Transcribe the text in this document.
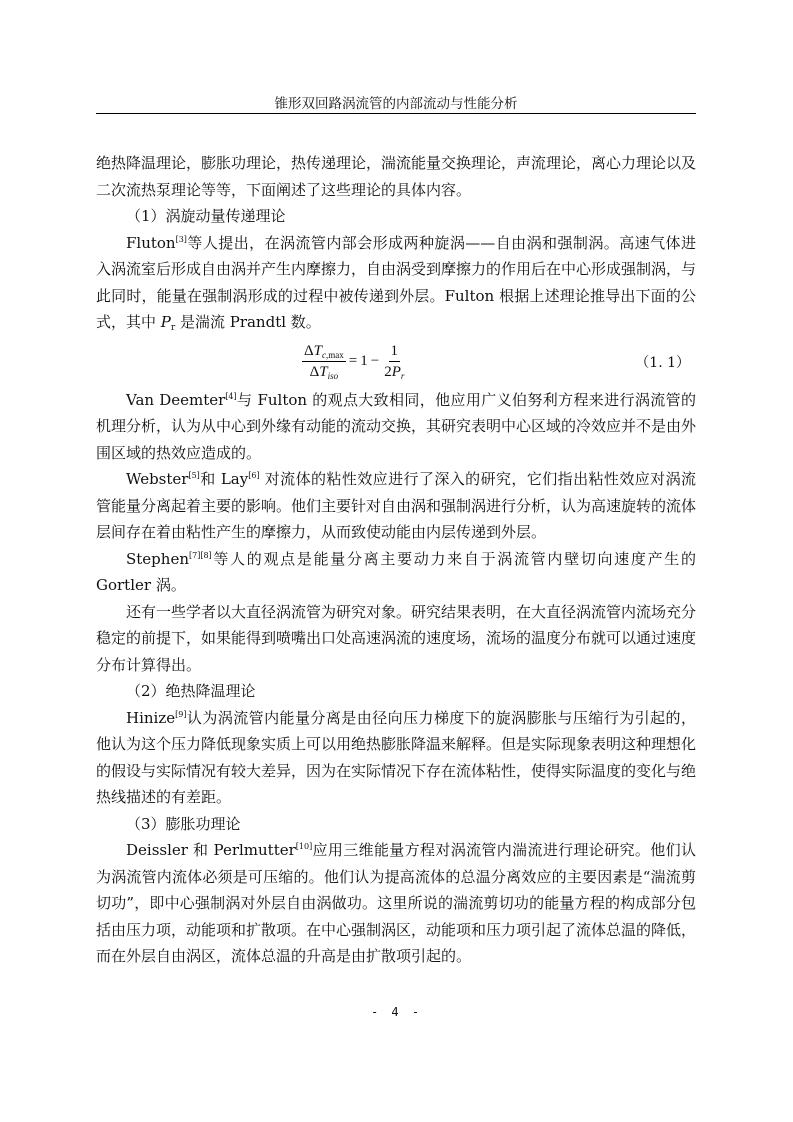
锥形双回路涡流管的内部流动与性能分析

绝热降温理论，膨胀功理论，热传递理论，湍流能量交换理论，声流理论，离心力理论以及二次流热泵理论等等，下面阐述了这些理论的具体内容。

（1）涡旋动量传递理论

Fluton[3]等人提出，在涡流管内部会形成两种旋涡——自由涡和强制涡。高速气体进入涡流室后形成自由涡并产生内摩擦力，自由涡受到摩擦力的作用后在中心形成强制涡，与此同时，能量在强制涡形成的过程中被传递到外层。Fulton 根据上述理论推导出下面的公式，其中 $P_r$ 是湍流 Prandtl 数。

$\frac{\Delta T_{c,max}}{\Delta T_{iso}} = 1 - \frac{1}{2P_r}$	（1. 1）

Van Deemter[4]与 Fulton 的观点大致相同，他应用广义伯努利方程来进行涡流管的机理分析，认为从中心到外缘有动能的流动交换，其研究表明中心区域的冷效应并不是由外围区域的热效应造成的。

Webster[5]和 Lay[6] 对流体的粘性效应进行了深入的研究，它们指出粘性效应对涡流管能量分离起着主要的影响。他们主要针对自由涡和强制涡进行分析，认为高速旋转的流体层间存在着由粘性产生的摩擦力，从而致使动能由内层传递到外层。

Stephen[7][8]等人的观点是能量分离主要动力来自于涡流管内壁切向速度产生的 Gortler 涡。

还有一些学者以大直径涡流管为研究对象。研究结果表明，在大直径涡流管内流场充分稳定的前提下，如果能得到喷嘴出口处高速涡流的速度场，流场的温度分布就可以通过速度分布计算得出。

（2）绝热降温理论

Hinize[9]认为涡流管内能量分离是由径向压力梯度下的旋涡膨胀与压缩行为引起的，他认为这个压力降低现象实质上可以用绝热膨胀降温来解释。但是实际现象表明这种理想化的假设与实际情况有较大差异，因为在实际情况下存在流体粘性，使得实际温度的变化与绝热线描述的有差距。

（3）膨胀功理论

Deissler 和 Perlmutter[10]应用三维能量方程对涡流管内湍流进行理论研究。他们认为涡流管内流体必须是可压缩的。他们认为提高流体的总温分离效应的主要因素是“湍流剪切功”，即中心强制涡对外层自由涡做功。这里所说的湍流剪切功的能量方程的构成部分包括由压力项，动能项和扩散项。在中心强制涡区，动能项和压力项引起了流体总温的降低，而在外层自由涡区，流体总温的升高是由扩散项引起的。

- 4 -
